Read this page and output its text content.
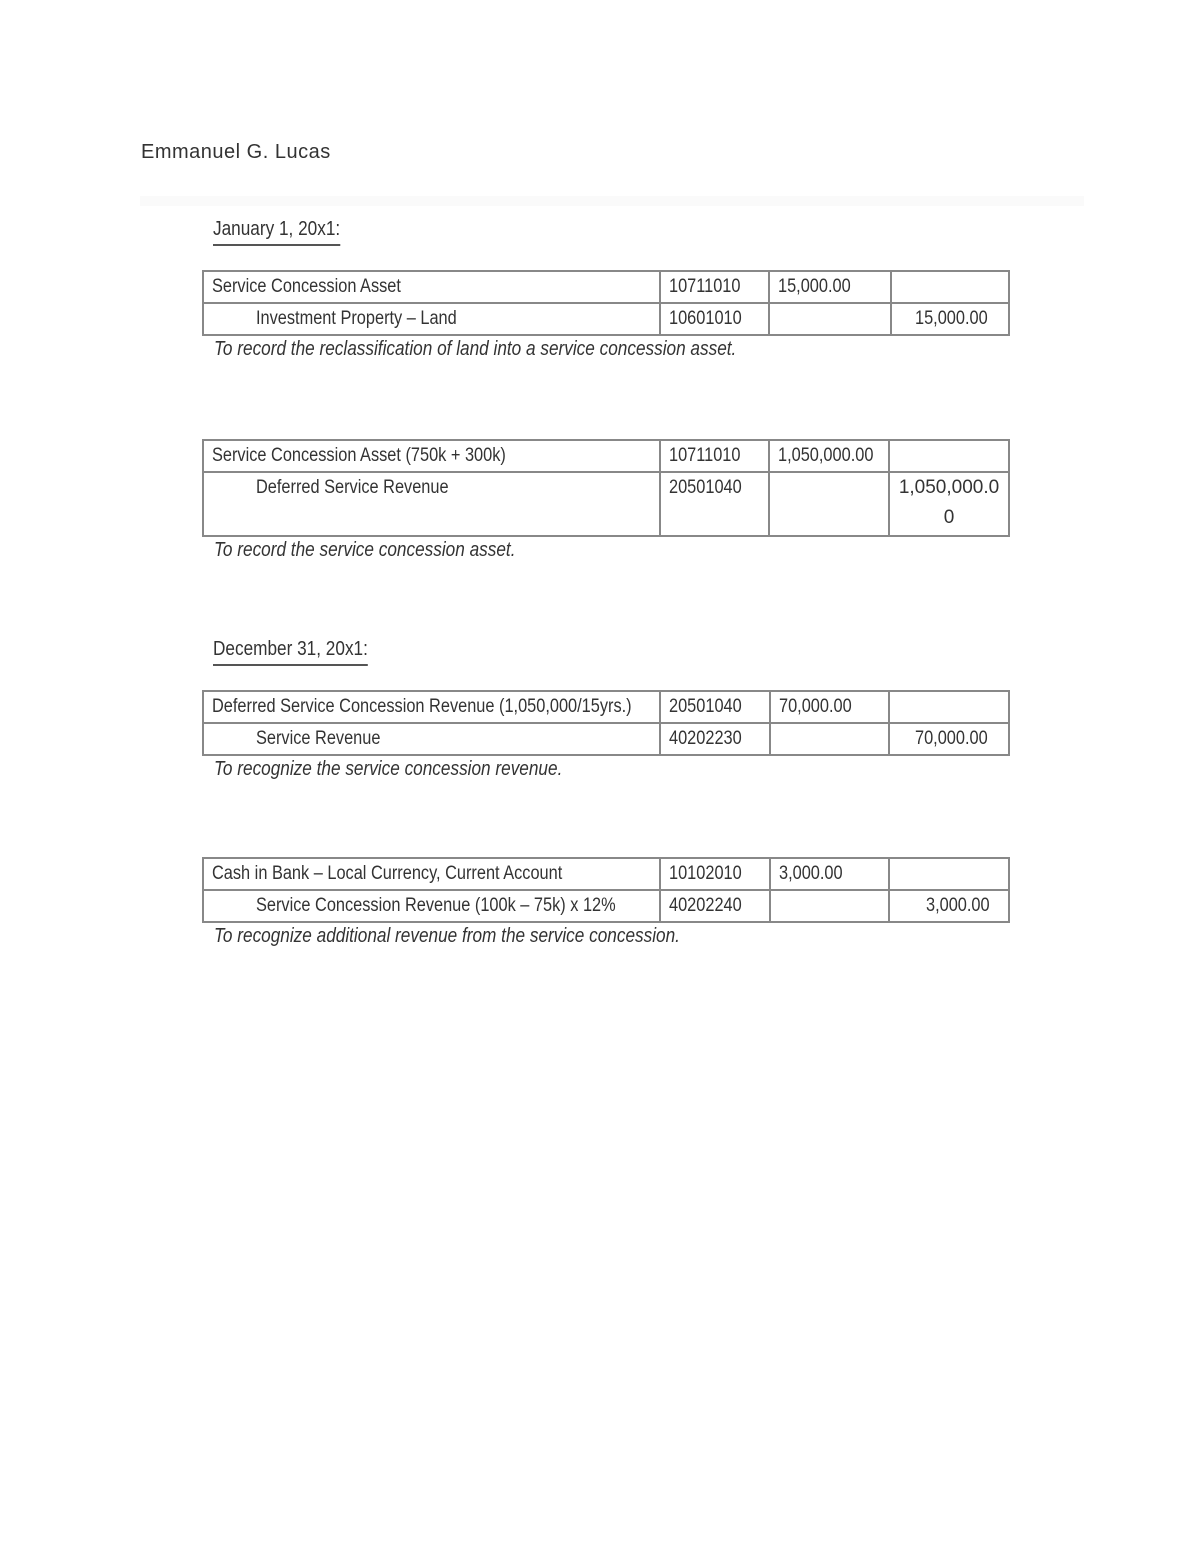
Emmanuel G. Lucas
January 1, 20x1:
Service Concession Asset	10711010	15,000.00	
Investment Property – Land	10601010		15,000.00
To record the reclassification of land into a service concession asset.
Service Concession Asset (750k + 300k)	10711010	1,050,000.00	
Deferred Service Revenue	20501040		1,050,000.00
To record the service concession asset.
December 31, 20x1:
Deferred Service Concession Revenue (1,050,000/15yrs.)	20501040	70,000.00	
Service Revenue	40202230		70,000.00
To recognize the service concession revenue.
Cash in Bank – Local Currency, Current Account	10102010	3,000.00	
Service Concession Revenue (100k – 75k) x 12%	40202240		3,000.00
To recognize additional revenue from the service concession.
